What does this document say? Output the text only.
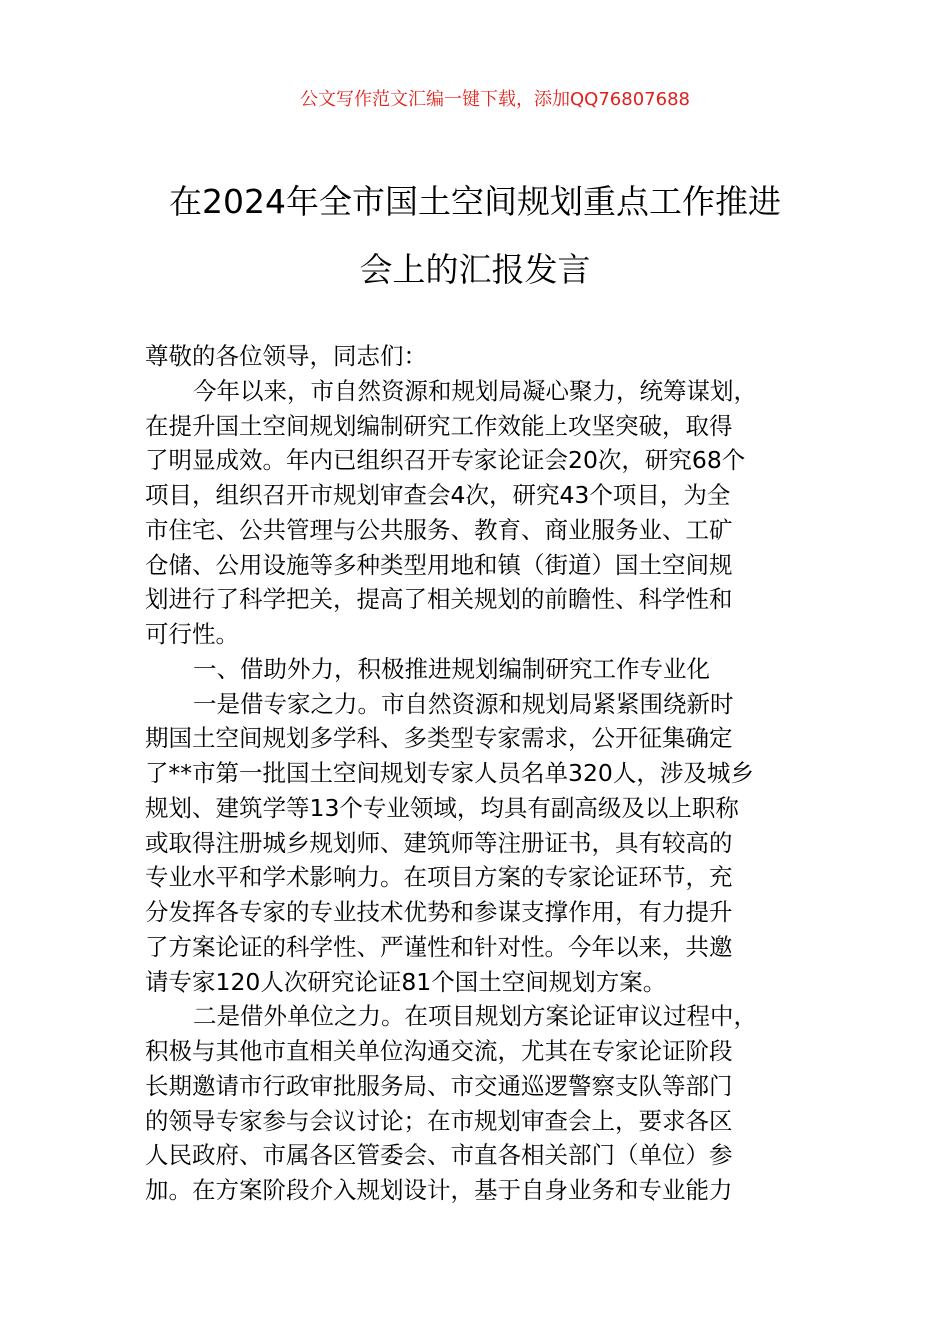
公文写作范文汇编一键下载，添加QQ76807688
在2024年全市国土空间规划重点工作推进
会上的汇报发言
尊敬的各位领导，同志们：
今年以来，市自然资源和规划局凝心聚力，统筹谋划，
在提升国土空间规划编制研究工作效能上攻坚突破，取得
了明显成效。年内已组织召开专家论证会20次，研究68个
项目，组织召开市规划审查会4次，研究43个项目，为全
市住宅、公共管理与公共服务、教育、商业服务业、工矿
仓储、公用设施等多种类型用地和镇（街道）国土空间规
划进行了科学把关，提高了相关规划的前瞻性、科学性和
可行性。
一、借助外力，积极推进规划编制研究工作专业化
一是借专家之力。市自然资源和规划局紧紧围绕新时
期国土空间规划多学科、多类型专家需求，公开征集确定
了**市第一批国土空间规划专家人员名单320人，涉及城乡
规划、建筑学等13个专业领域，均具有副高级及以上职称
或取得注册城乡规划师、建筑师等注册证书，具有较高的
专业水平和学术影响力。在项目方案的专家论证环节，充
分发挥各专家的专业技术优势和参谋支撑作用，有力提升
了方案论证的科学性、严谨性和针对性。今年以来，共邀
请专家120人次研究论证81个国土空间规划方案。
二是借外单位之力。在项目规划方案论证审议过程中，
积极与其他市直相关单位沟通交流，尤其在专家论证阶段
长期邀请市行政审批服务局、市交通巡逻警察支队等部门
的领导专家参与会议讨论；在市规划审查会上，要求各区
人民政府、市属各区管委会、市直各相关部门（单位）参
加。在方案阶段介入规划设计，基于自身业务和专业能力
